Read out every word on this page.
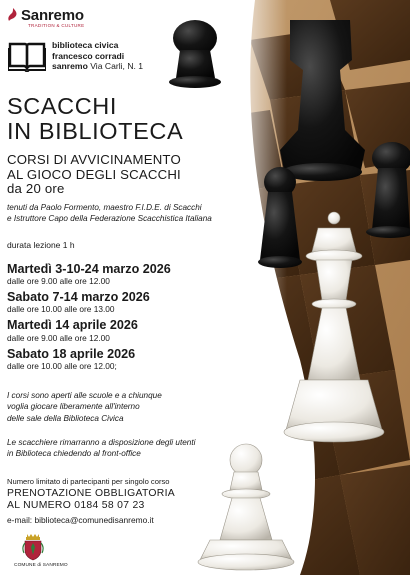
Sanremo
TRADITION & CULTURE
biblioteca civica
francesco corradi
sanremo Via Carli, N. 1
SCACCHI
IN BIBLIOTECA
CORSI DI AVVICINAMENTO
AL GIOCO DEGLI SCACCHI
da 20 ore
tenuti da Paolo Formento, maestro F.I.D.E. di Scacchi
e Istruttore Capo della Federazione Scacchistica Italiana
durata lezione 1 h
Martedì 3-10-24 marzo 2026
dalle ore 9.00 alle ore 12.00
Sabato 7-14 marzo 2026
dalle ore 10.00 alle ore 13.00
Martedì 14 aprile 2026
dalle ore 9.00 alle ore 12.00
Sabato 18 aprile 2026
dalle ore 10.00 alle ore 12.00;
I corsi sono aperti alle scuole e a chiunque
voglia giocare liberamente all'interno
delle sale della Biblioteca Civica
Le scacchiere rimarranno a disposizione degli utenti
in Biblioteca chiedendo al front-office
Numero limitato di partecipanti per singolo corso
PRENOTAZIONE OBBLIGATORIA
AL NUMERO 0184 58 07 23
e-mail: biblioteca@comunedisanremo.it
COMUNE di SANREMO
